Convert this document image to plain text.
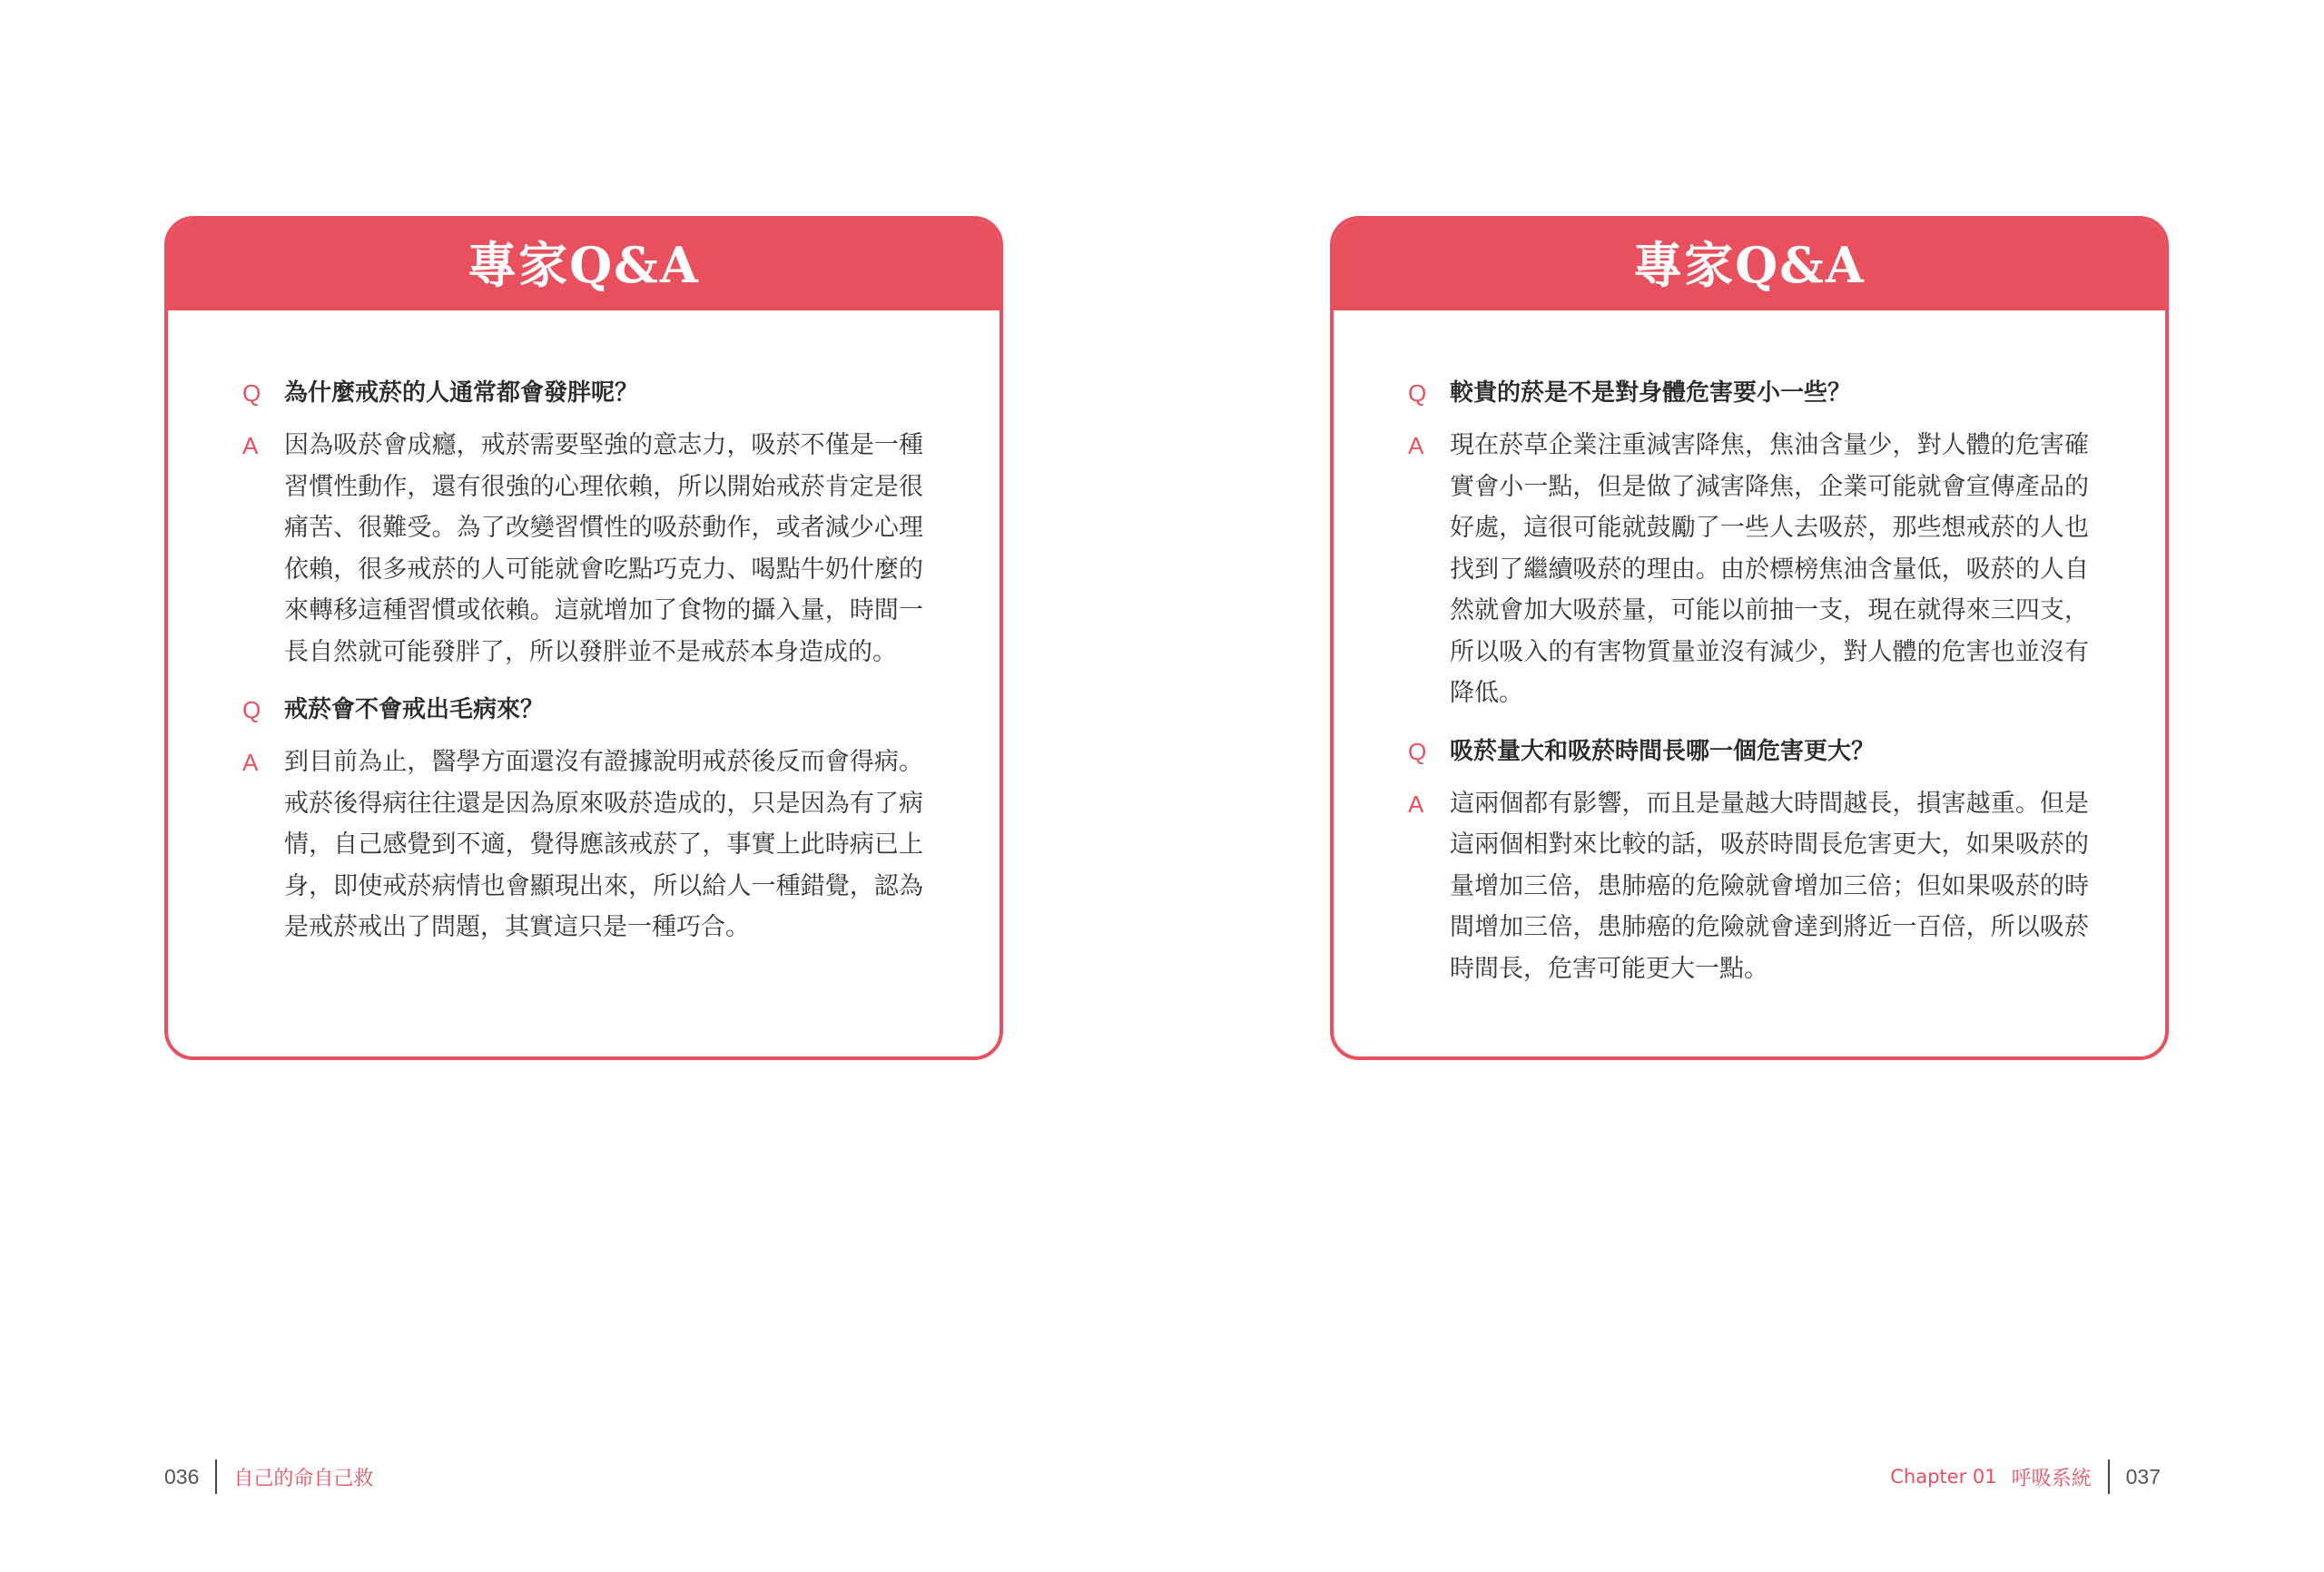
專家Q&A
Q 為什麼戒菸的人通常都會發胖呢？
A	因為吸菸會成癮，戒菸需要堅強的意志力，吸菸不僅是一種習慣性動作，還有很強的心理依賴，所以開始戒菸肯定是很痛苦、很難受。為了改變習慣性的吸菸動作，或者減少心理依賴，很多戒菸的人可能就會吃點巧克力、喝點牛奶什麼的來轉移這種習慣或依賴。這就增加了食物的攝入量，時間一長自然就可能發胖了，所以發胖並不是戒菸本身造成的。
Q 戒菸會不會戒出毛病來？
A	到目前為止，醫學方面還沒有證據說明戒菸後反而會得病。戒菸後得病往往還是因為原來吸菸造成的，只是因為有了病情，自己感覺到不適，覺得應該戒菸了，事實上此時病已上身，即使戒菸病情也會顯現出來，所以給人一種錯覺，認為是戒菸戒出了問題，其實這只是一種巧合。
036 自己的命自己救
專家Q&A
Q 較貴的菸是不是對身體危害要小一些？
A	現在菸草企業注重減害降焦，焦油含量少，對人體的危害確實會小一點，但是做了減害降焦，企業可能就會宣傳產品的好處，這很可能就鼓勵了一些人去吸菸，那些想戒菸的人也找到了繼續吸菸的理由。由於標榜焦油含量低，吸菸的人自然就會加大吸菸量，可能以前抽一支，現在就得來三四支，所以吸入的有害物質量並沒有減少，對人體的危害也並沒有降低。
Q 吸菸量大和吸菸時間長哪一個危害更大？
A	這兩個都有影響，而且是量越大時間越長，損害越重。但是這兩個相對來比較的話，吸菸時間長危害更大，如果吸菸的量增加三倍，患肺癌的危險就會增加三倍；但如果吸菸的時間增加三倍，患肺癌的危險就會達到將近一百倍，所以吸菸時間長，危害可能更大一點。
Chapter 01 呼吸系統 037
